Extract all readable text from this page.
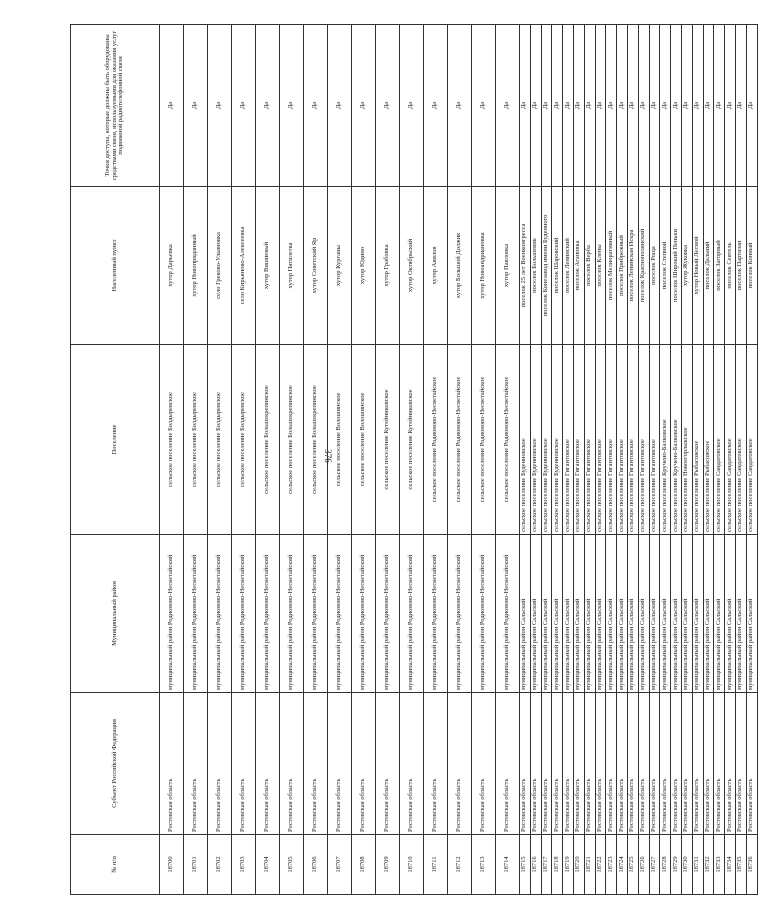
376
№ п/п	Субъект Российской Федерации	Муниципальный район	Поселение	Населенный пункт	Точки доступа, которые должны быть оборудованы средствами связи, используемыми для оказания услуг подвижной радиотелефонной связи
18700	Ростовская область	муниципальный район Родионово-Несветайский	сельское поселение Болдыревское	хутор Дарьевка	Да
18701	Ростовская область	муниципальный район Родионово-Несветайский	сельское поселение Болдыревское	хутор Новоприданный	Да
18702	Ростовская область	муниципальный район Родионово-Несветайский	сельское поселение Болдыревское	село Греково-Ульяновка	Да
18703	Ростовская область	муниципальный район Родионово-Несветайский	сельское поселение Болдыревское	село Кирьяново-Алексеевка	Да
18704	Ростовская область	муниципальный район Родионово-Несветайский	сельское поселение Большекрепинское	хутор Вишневый	Да
18705	Ростовская область	муниципальный район Родионово-Несветайский	сельское поселение Большекрепинское	хутор Пятилетка	Да
18706	Ростовская область	муниципальный район Родионово-Несветайский	сельское поселение Большекрепинское	хутор Советский Яр	Да
18707	Ростовская область	муниципальный район Родионово-Несветайский	сельское поселение Волошинское	хутор Курганы	Да
18708	Ростовская область	муниципальный район Родионово-Несветайский	сельское поселение Волошинское	хутор Юдино	Да
18709	Ростовская область	муниципальный район Родионово-Несветайский	сельское поселение Кутейниковское	хутор Грабовка	Да
18710	Ростовская область	муниципальный район Родионово-Несветайский	сельское поселение Кутейниковское	хутор Октябрьский	Да
18711	Ростовская область	муниципальный район Родионово-Несветайский	сельское поселение Родионово-Несветайское	хутор Авилов	Да
18712	Ростовская область	муниципальный район Родионово-Несветайский	сельское поселение Родионово-Несветайское	хутор Большой Должик	Да
18713	Ростовская область	муниципальный район Родионово-Несветайский	сельское поселение Родионово-Несветайское	хутор Новоандриановка	Да
18714	Ростовская область	муниципальный район Родионово-Несветайский	сельское поселение Родионово-Несветайское	хутор Павловка	Да
18715	Ростовская область	муниципальный район Сальский	сельское поселение Буденновское	поселок 25 лет Военконгресса	Да
18716	Ростовская область	муниципальный район Сальский	сельское поселение Буденновское	поселок Большевик	Да
18717	Ростовская область	муниципальный район Сальский	сельское поселение Буденновское	поселок Конезавод имени Буденного	Да
18718	Ростовская область	муниципальный район Сальский	сельское поселение Буденновское	поселок Шаровский	Да
18719	Ростовская область	муниципальный район Сальский	сельское поселение Гигантовское	поселок Ленинский	Да
18720	Ростовская область	муниципальный район Сальский	сельское поселение Гигантовское	поселок Агаповка	Да
18721	Ростовская область	муниципальный район Сальский	сельское поселение Гигантовское	поселок Верба	Да
18722	Ростовская область	муниципальный район Сальский	сельское поселение Гигантовское	поселок Клены	Да
18723	Ростовская область	муниципальный район Сальский	сельское поселение Гигантовское	поселок Мелиоративный	Да
18724	Ростовская область	муниципальный район Сальский	сельское поселение Гигантовское	поселок Прибрежный	Да
18725	Ростовская область	муниципальный район Сальский	сельское поселение Гигантовское	поселок Ленинская Искра	Да
18726	Ростовская область	муниципальный район Сальский	сельское поселение Гигантовское	поселок Краснополянский	Да
18727	Ростовская область	муниципальный район Сальский	сельское поселение Гигантовское	поселок Роща	Да
18728	Ростовская область	муниципальный район Сальский	сельское поселение Кручено-Балковское	поселок Степной	Да
18729	Ростовская область	муниципальный район Сальский	сельское поселение Кручено-Балковское	поселок Широкий Пеньки	Да
18730	Ростовская область	муниципальный район Сальский	сельское поселение Новоегорлыкское	хутор Жуковка	Да
18731	Ростовская область	муниципальный район Сальский	сельское поселение Рыбасовское	хутор Новый Лесной	Да
18732	Ростовская область	муниципальный район Сальский	сельское поселение Рыбасовское	поселок Дальний	Да
18733	Ростовская область	муниципальный район Сальский	сельское поселение Сандатовское	поселок Загорный	Да
18734	Ростовская область	муниципальный район Сальский	сельское поселение Сандатовское	поселок Сеятель	Да
18735	Ростовская область	муниципальный район Сальский	сельское поселение Сандатовское	поселок Партизан	Да
18736	Ростовская область	муниципальный район Сальский	сельское поселение Сандатовское	поселок Конный	Да
